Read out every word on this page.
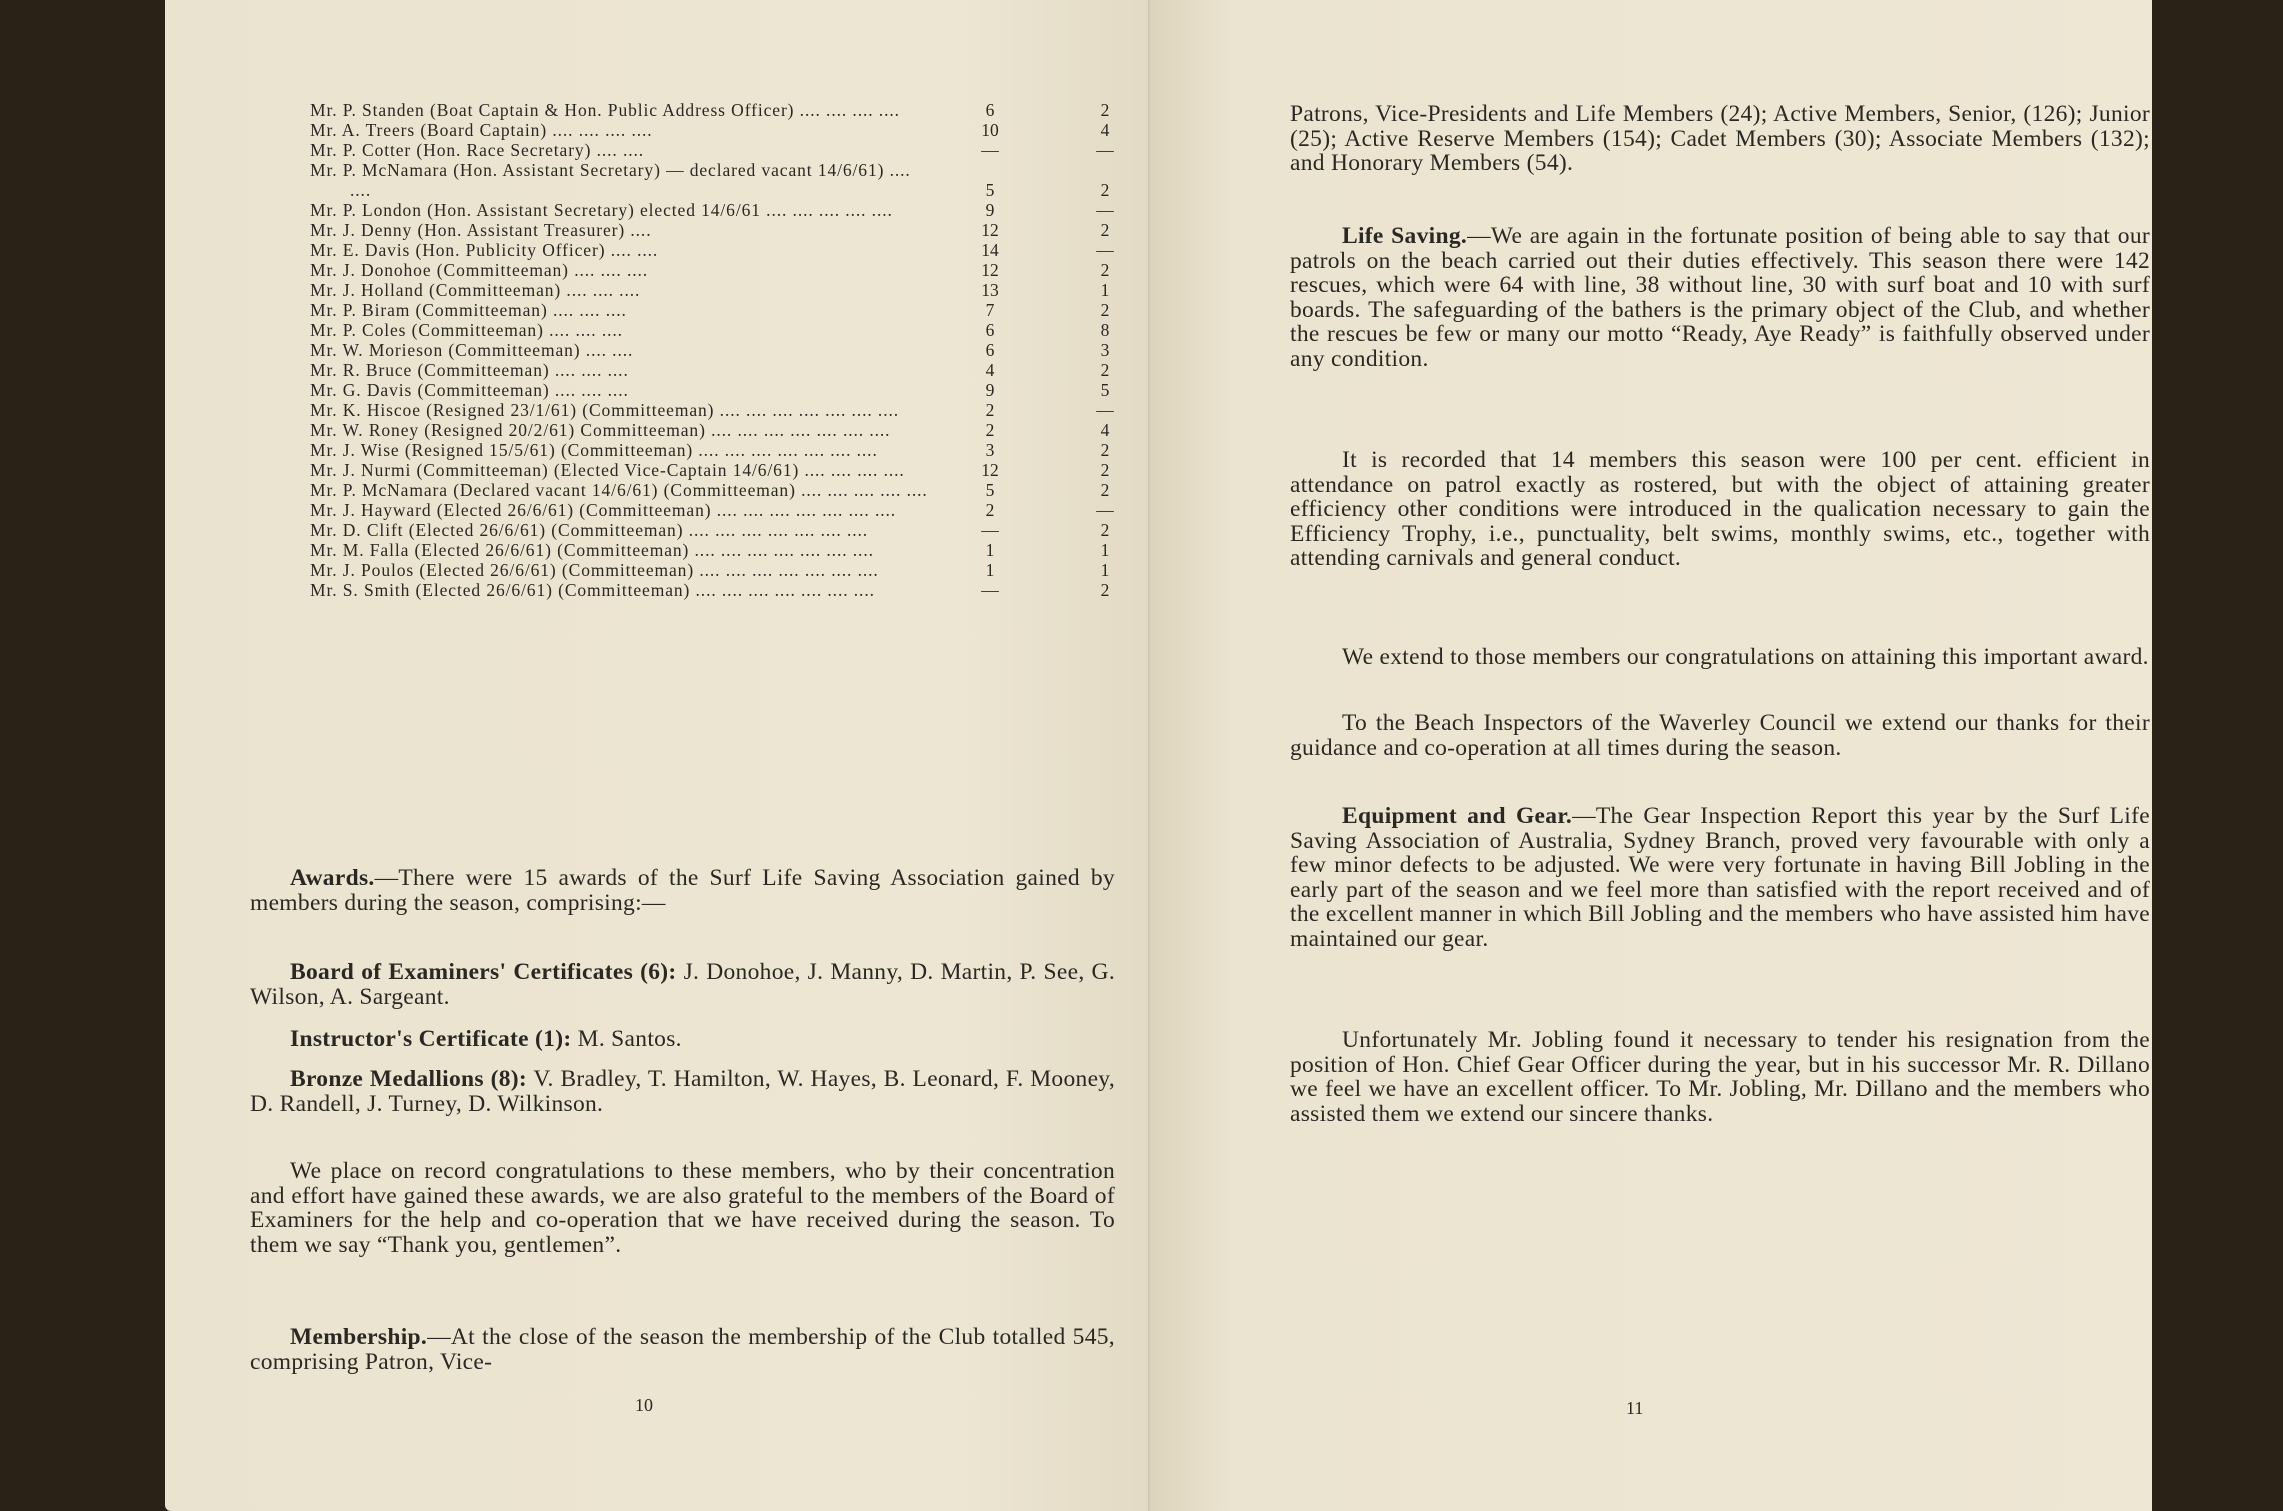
Mr. P. Standen (Boat Captain & Hon. Public Address Officer) .... .... .... ....	6	2
Mr. A. Treers (Board Captain) .... .... .... ....	10	4
Mr. P. Cotter (Hon. Race Secretary) .... ....	—	—
Mr. P. McNamara (Hon. Assistant Secretary) — declared vacant 14/6/61) .... ....	5	2
Mr. P. London (Hon. Assistant Secretary) elected 14/6/61 .... .... .... .... ....	9	—
Mr. J. Denny (Hon. Assistant Treasurer) ....	12	2
Mr. E. Davis (Hon. Publicity Officer) .... ....	14	—
Mr. J. Donohoe (Committeeman) .... .... ....	12	2
Mr. J. Holland (Committeeman) .... .... ....	13	1
Mr. P. Biram (Committeeman) .... .... ....	7	2
Mr. P. Coles (Committeeman) .... .... ....	6	8
Mr. W. Morieson (Committeeman) .... ....	6	3
Mr. R. Bruce (Committeeman) .... .... ....	4	2
Mr. G. Davis (Committeeman) .... .... ....	9	5
Mr. K. Hiscoe (Resigned 23/1/61) (Committeeman) .... .... .... .... .... .... ....	2	—
Mr. W. Roney (Resigned 20/2/61) Committeeman) .... .... .... .... .... .... ....	2	4
Mr. J. Wise (Resigned 15/5/61) (Committeeman) .... .... .... .... .... .... ....	3	2
Mr. J. Nurmi (Committeeman) (Elected Vice-Captain 14/6/61) .... .... .... ....	12	2
Mr. P. McNamara (Declared vacant 14/6/61) (Committeeman) .... .... .... .... ....	5	2
Mr. J. Hayward (Elected 26/6/61) (Committeeman) .... .... .... .... .... .... ....	2	—
Mr. D. Clift (Elected 26/6/61) (Committeeman) .... .... .... .... .... .... ....	—	2
Mr. M. Falla (Elected 26/6/61) (Committeeman) .... .... .... .... .... .... ....	1	1
Mr. J. Poulos (Elected 26/6/61) (Committeeman) .... .... .... .... .... .... ....	1	1
Mr. S. Smith (Elected 26/6/61) (Committeeman) .... .... .... .... .... .... ....	—	2
Awards.—There were 15 awards of the Surf Life Saving Association gained by members during the season, comprising:—
Board of Examiners' Certificates (6): J. Donohoe, J. Manny, D. Martin, P. See, G. Wilson, A. Sargeant.
Instructor's Certificate (1): M. Santos.
Bronze Medallions (8): V. Bradley, T. Hamilton, W. Hayes, B. Leonard, F. Mooney, D. Randell, J. Turney, D. Wilkinson.
We place on record congratulations to these members, who by their concentration and effort have gained these awards, we are also grateful to the members of the Board of Examiners for the help and co-operation that we have received during the season. To them we say “Thank you, gentlemen”.
Membership.—At the close of the season the membership of the Club totalled 545, comprising Patron, Vice-
10
Patrons, Vice-Presidents and Life Members (24); Active Members, Senior, (126); Junior (25); Active Reserve Members (154); Cadet Members (30); Associate Members (132); and Honorary Members (54).
Life Saving.—We are again in the fortunate position of being able to say that our patrols on the beach carried out their duties effectively. This season there were 142 rescues, which were 64 with line, 38 without line, 30 with surf boat and 10 with surf boards. The safeguarding of the bathers is the primary object of the Club, and whether the rescues be few or many our motto “Ready, Aye Ready” is faithfully observed under any condition.
It is recorded that 14 members this season were 100 per cent. efficient in attendance on patrol exactly as rostered, but with the object of attaining greater efficiency other conditions were introduced in the qualication necessary to gain the Efficiency Trophy, i.e., punctuality, belt swims, monthly swims, etc., together with attending carnivals and general conduct.
We extend to those members our congratulations on attaining this important award.
To the Beach Inspectors of the Waverley Council we extend our thanks for their guidance and co-operation at all times during the season.
Equipment and Gear.—The Gear Inspection Report this year by the Surf Life Saving Association of Australia, Sydney Branch, proved very favourable with only a few minor defects to be adjusted. We were very fortunate in having Bill Jobling in the early part of the season and we feel more than satisfied with the report received and of the excellent manner in which Bill Jobling and the members who have assisted him have maintained our gear.
Unfortunately Mr. Jobling found it necessary to tender his resignation from the position of Hon. Chief Gear Officer during the year, but in his successor Mr. R. Dillano we feel we have an excellent officer. To Mr. Jobling, Mr. Dillano and the members who assisted them we extend our sincere thanks.
11
